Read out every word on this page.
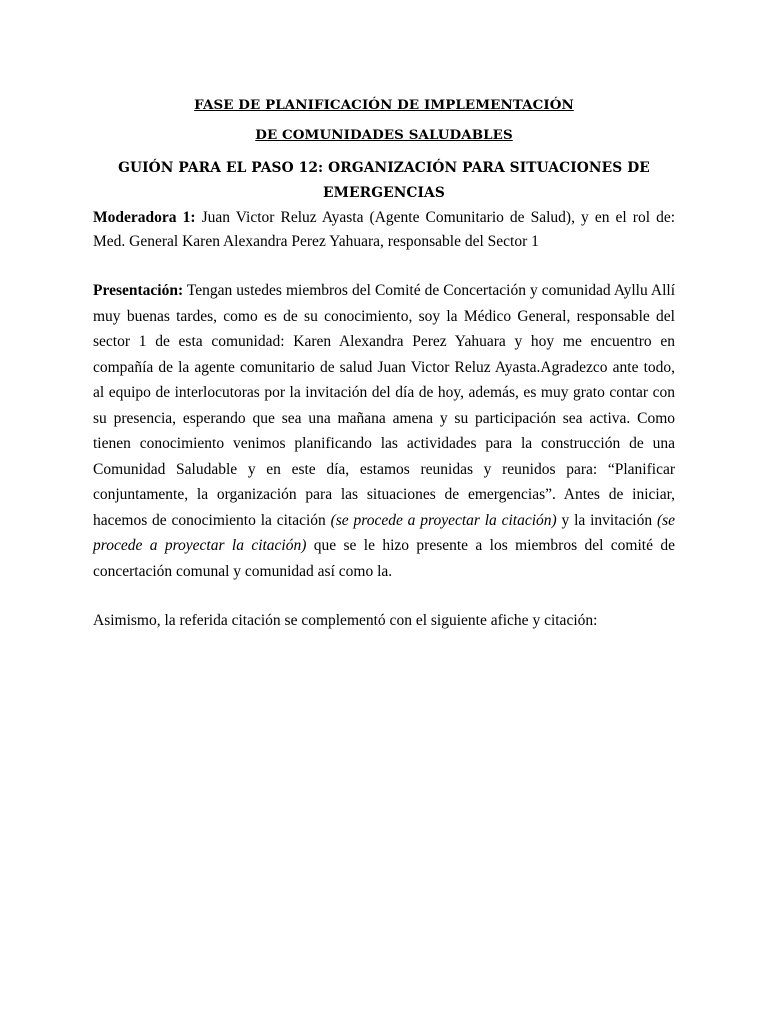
FASE DE PLANIFICACIÓN DE IMPLEMENTACIÓN

DE COMUNIDADES SALUDABLES

GUIÓN PARA EL PASO 12: ORGANIZACIÓN PARA SITUACIONES DE EMERGENCIAS

Moderadora 1: Juan Victor Reluz Ayasta (Agente Comunitario de Salud), y en el rol de: Med. General Karen Alexandra Perez Yahuara, responsable del Sector 1

Presentación: Tengan ustedes miembros del Comité de Concertación y comunidad Ayllu Allí muy buenas tardes, como es de su conocimiento, soy la Médico General, responsable del sector 1 de esta comunidad: Karen Alexandra Perez Yahuara y hoy me encuentro en compañía de la agente comunitario de salud Juan Victor Reluz Ayasta.Agradezco ante todo, al equipo de interlocutoras por la invitación del día de hoy, además, es muy grato contar con su presencia, esperando que sea una mañana amena y su participación sea activa. Como tienen conocimiento venimos planificando las actividades para la construcción de una Comunidad Saludable y en este día, estamos reunidas y reunidos para: “Planificar conjuntamente, la organización para las situaciones de emergencias”. Antes de iniciar, hacemos de conocimiento la citación (se procede a proyectar la citación) y la invitación (se procede a proyectar la citación) que se le hizo presente a los miembros del comité de concertación comunal y comunidad así como la.

Asimismo, la referida citación se complementó con el siguiente afiche y citación:
